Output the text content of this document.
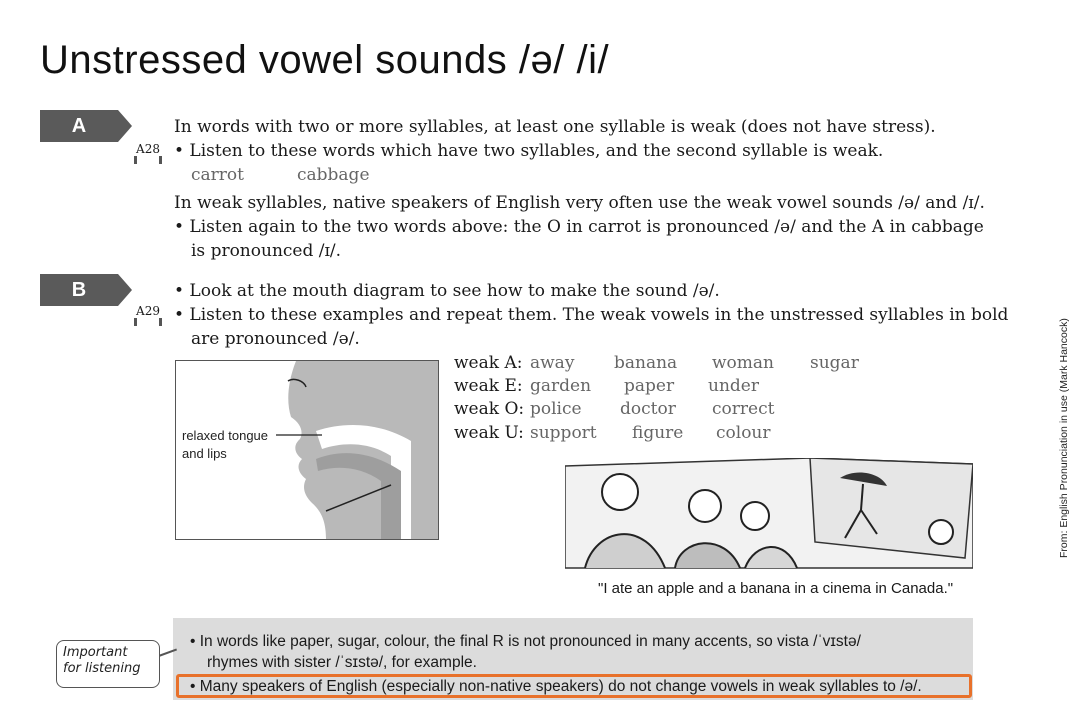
Unstressed vowel sounds /ə/ /i/
A
A28
In words with two or more syllables, at least one syllable is weak (does not have stress).
• Listen to these words which have two syllables, and the second syllable is weak.
carrot	cabbage
In weak syllables, native speakers of English very often use the weak vowel sounds /ə/ and /ɪ/.
• Listen again to the two words above: the O in carrot is pronounced /ə/ and the A in cabbage
is pronounced /ɪ/.
B
A29
• Look at the mouth diagram to see how to make the sound /ə/.
• Listen to these examples and repeat them. The weak vowels in the unstressed syllables in bold
are pronounced /ə/.
relaxed tongue
and lips
weak A: away banana woman sugar
weak E: garden paper under
weak O: police doctor correct
weak U: support figure colour
"I ate an apple and a banana in a cinema in Canada."
• In words like paper, sugar, colour, the final R is not pronounced in many accents, so vista /ˈvɪstə/
rhymes with sister /ˈsɪstə/, for example.
• Many speakers of English (especially non-native speakers) do not change vowels in weak syllables to /ə/.
Important
for listening
From: English Pronunciation in use (Mark Hancock)
